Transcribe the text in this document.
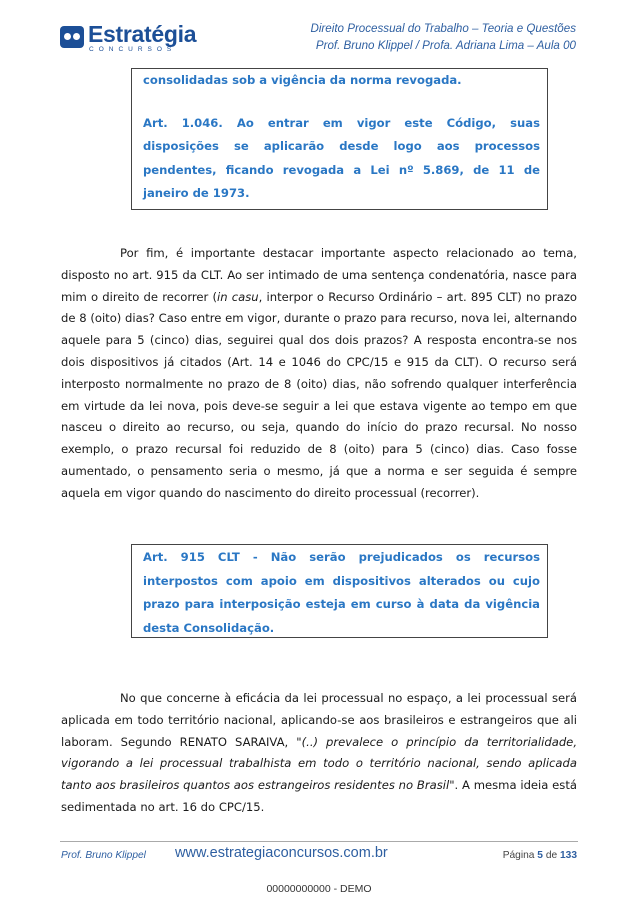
Estratégia
CONCURSOS
Direito Processual do Trabalho – Teoria e Questões
Prof. Bruno Klippel / Profa. Adriana Lima – Aula 00

consolidadas sob a vigência da norma revogada.

Art. 1.046. Ao entrar em vigor este Código, suas

disposições se aplicarão desde logo aos processos

pendentes, ficando revogada a Lei nº 5.869, de 11 de

janeiro de 1973.

Por fim, é importante destacar importante aspecto relacionado ao tema, disposto no art. 915 da CLT. Ao ser intimado de uma sentença condenatória, nasce para mim o direito de recorrer (in casu, interpor o Recurso Ordinário – art. 895 CLT) no prazo de 8 (oito) dias? Caso entre em vigor, durante o prazo para recurso, nova lei, alternando aquele para 5 (cinco) dias, seguirei qual dos dois prazos? A resposta encontra-se nos dois dispositivos já citados (Art. 14 e 1046 do CPC/15 e 915 da CLT). O recurso será interposto normalmente no prazo de 8 (oito) dias, não sofrendo qualquer interferência em virtude da lei nova, pois deve-se seguir a lei que estava vigente ao tempo em que nasceu o direito ao recurso, ou seja, quando do início do prazo recursal. No nosso exemplo, o prazo recursal foi reduzido de 8 (oito) para 5 (cinco) dias. Caso fosse aumentado, o pensamento seria o mesmo, já que a norma e ser seguida é sempre aquela em vigor quando do nascimento do direito processual (recorrer).

Art. 915 CLT - Não serão prejudicados os recursos

interpostos com apoio em dispositivos alterados ou cujo

prazo para interposição esteja em curso à data da vigência

desta Consolidação.

No que concerne à eficácia da lei processual no espaço, a lei processual será aplicada em todo território nacional, aplicando-se aos brasileiros e estrangeiros que ali laboram. Segundo RENATO SARAIVA, "(..) prevalece o princípio da territorialidade, vigorando a lei processual trabalhista em todo o território nacional, sendo aplicada tanto aos brasileiros quantos aos estrangeiros residentes no Brasil". A mesma ideia está sedimentada no art. 16 do CPC/15.
Prof. Bruno Klippel www.estrategiaconcursos.com.br	Página 5 de 133
00000000000 - DEMO
